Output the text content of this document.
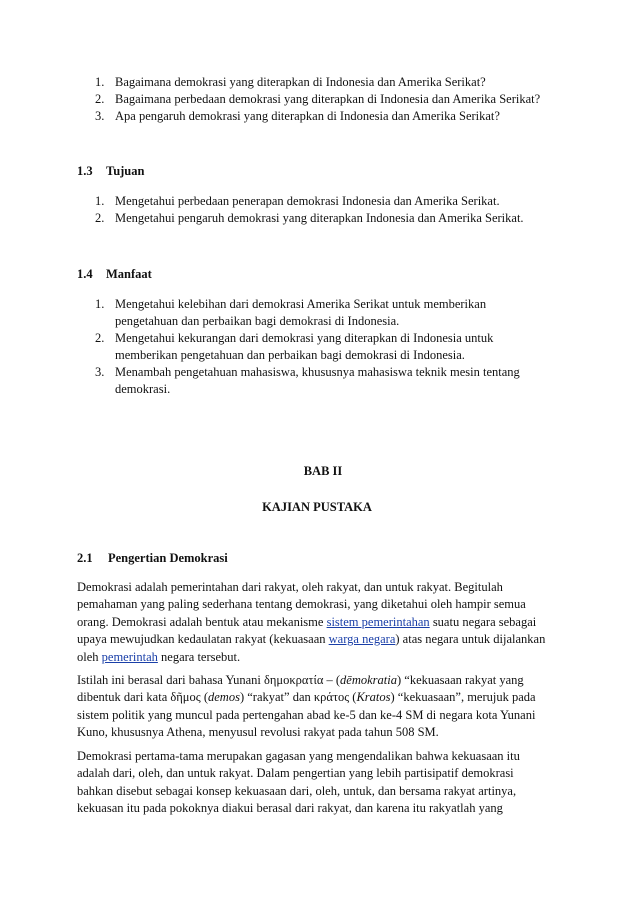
1. Bagaimana demokrasi yang diterapkan di Indonesia dan Amerika Serikat?
2. Bagaimana perbedaan demokrasi yang diterapkan di Indonesia dan Amerika Serikat?
3. Apa pengaruh demokrasi yang diterapkan di Indonesia dan Amerika Serikat?
1.3 Tujuan
1. Mengetahui perbedaan penerapan demokrasi Indonesia dan Amerika Serikat.
2. Mengetahui pengaruh demokrasi yang diterapkan Indonesia dan Amerika Serikat.
1.4 Manfaat
1. Mengetahui kelebihan dari demokrasi Amerika Serikat untuk memberikan
pengetahuan dan perbaikan bagi demokrasi di Indonesia.
2. Mengetahui kekurangan dari demokrasi yang diterapkan di Indonesia untuk
memberikan pengetahuan dan perbaikan bagi demokrasi di Indonesia.
3. Menambah pengetahuan mahasiswa, khususnya mahasiswa teknik mesin tentang
demokrasi.
BAB II
KAJIAN PUSTAKA
2.1 Pengertian Demokrasi
Demokrasi adalah pemerintahan dari rakyat, oleh rakyat, dan untuk rakyat. Begitulah
pemahaman yang paling sederhana tentang demokrasi, yang diketahui oleh hampir semua
orang. Demokrasi adalah bentuk atau mekanisme sistem pemerintahan suatu negara sebagai
upaya mewujudkan kedaulatan rakyat (kekuasaan warga negara) atas negara untuk dijalankan
oleh pemerintah negara tersebut.
Istilah ini berasal dari bahasa Yunani δημοκρατία – (dēmokratia) “kekuasaan rakyat yang
dibentuk dari kata δῆμος (demos) “rakyat” dan κράτος (Kratos) “kekuasaan”, merujuk pada
sistem politik yang muncul pada pertengahan abad ke-5 dan ke-4 SM di negara kota Yunani
Kuno, khususnya Athena, menyusul revolusi rakyat pada tahun 508 SM.
Demokrasi pertama-tama merupakan gagasan yang mengendalikan bahwa kekuasaan itu
adalah dari, oleh, dan untuk rakyat. Dalam pengertian yang lebih partisipatif demokrasi
bahkan disebut sebagai konsep kekuasaan dari, oleh, untuk, dan bersama rakyat artinya,
kekuasan itu pada pokoknya diakui berasal dari rakyat, dan karena itu rakyatlah yang
